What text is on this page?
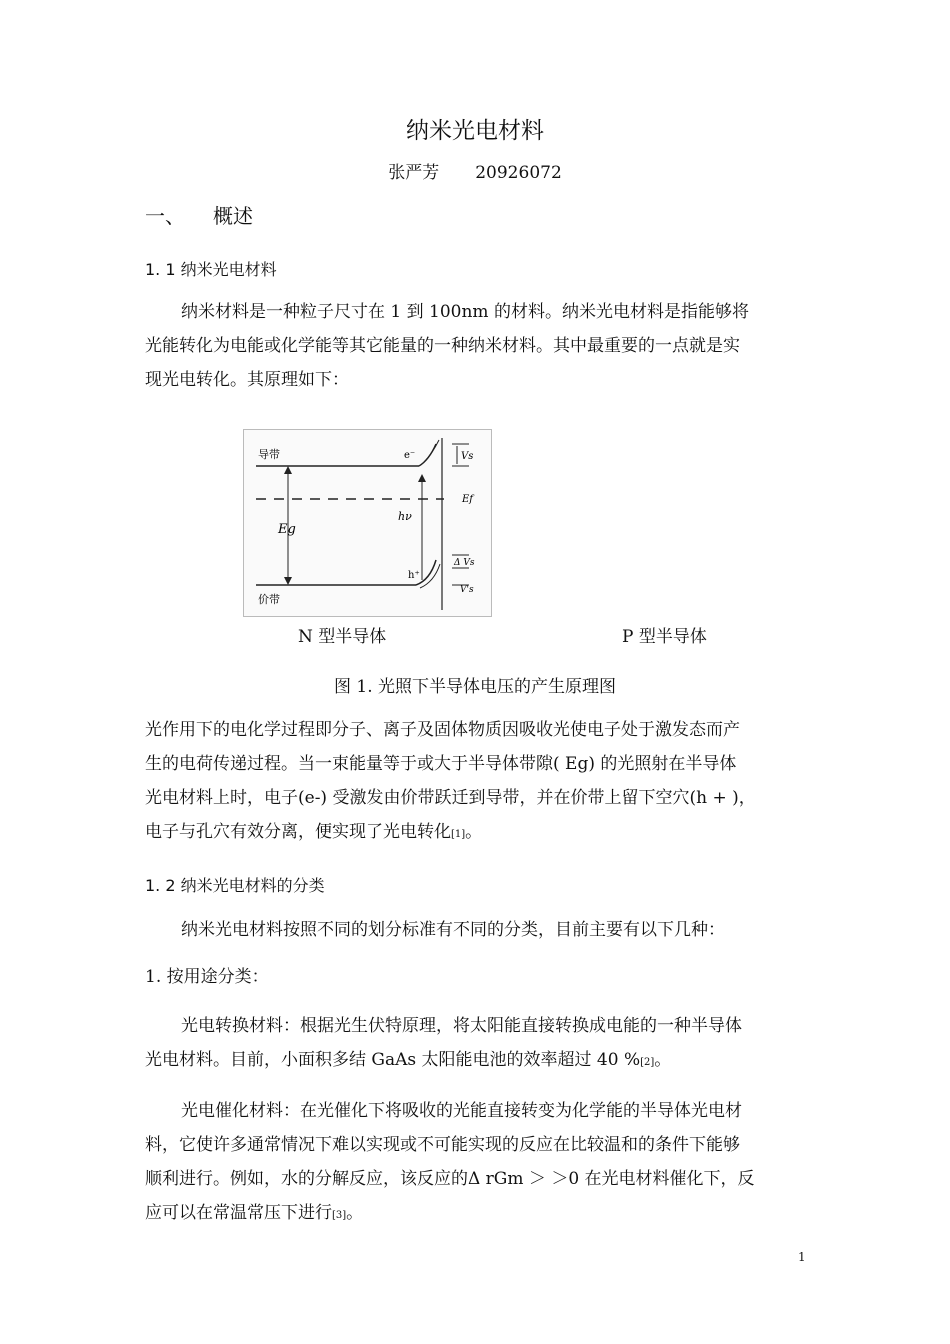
纳米光电材料
张严芳 20926072
一、 概述
1. 1 纳米光电材料
纳米材料是一种粒子尺寸在 1 到 100nm 的材料。纳米光电材料是指能够将
光能转化为电能或化学能等其它能量的一种纳米材料。其中最重要的一点就是实
现光电转化。其原理如下：
导带
价带
Eg
hν
e⁻
h⁺
Vs
Ef
Δ Vs
V's
N 型半导体	P 型半导体
图 1. 光照下半导体电压的产生原理图
光作用下的电化学过程即分子、离子及固体物质因吸收光使电子处于激发态而产
生的电荷传递过程。当一束能量等于或大于半导体带隙( Eg) 的光照射在半导体
光电材料上时，电子(e-) 受激发由价带跃迁到导带，并在价带上留下空穴(h + )，
电子与孔穴有效分离，便实现了光电转化[1]。
1. 2 纳米光电材料的分类
纳米光电材料按照不同的划分标准有不同的分类，目前主要有以下几种：
1. 按用途分类：
光电转换材料：根据光生伏特原理，将太阳能直接转换成电能的一种半导体
光电材料。目前，小面积多结 GaAs 太阳能电池的效率超过 40 %[2]。
光电催化材料：在光催化下将吸收的光能直接转变为化学能的半导体光电材
料，它使许多通常情况下难以实现或不可能实现的反应在比较温和的条件下能够
顺利进行。例如，水的分解反应，该反应的Δ rGm ＞ ＞0 在光电材料催化下，反
应可以在常温常压下进行[3]。
1
